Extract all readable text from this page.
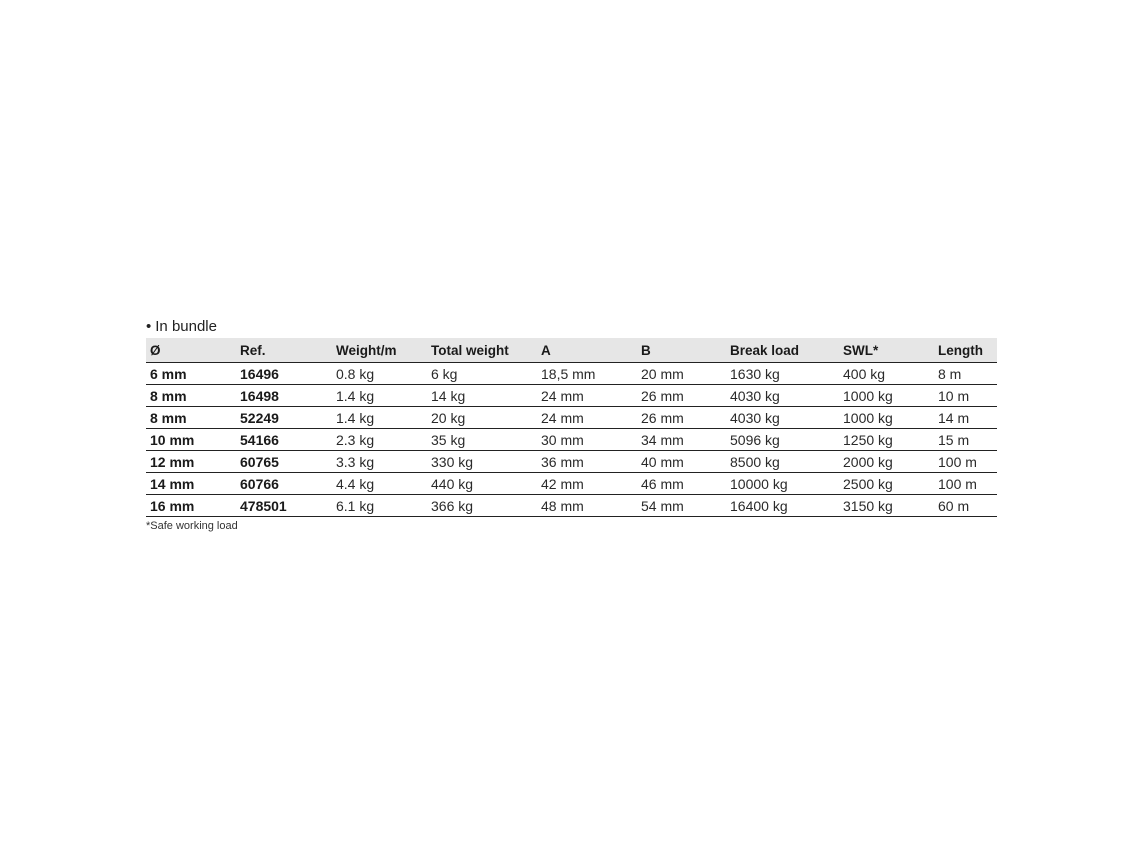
• In bundle
Ø	Ref.	Weight/m	Total weight	A	B	Break load	SWL*	Length
6 mm	16496	0.8 kg	6 kg	18,5 mm	20 mm	1630 kg	400 kg	8 m
8 mm	16498	1.4 kg	14 kg	24 mm	26 mm	4030 kg	1000 kg	10 m
8 mm	52249	1.4 kg	20 kg	24 mm	26 mm	4030 kg	1000 kg	14 m
10 mm	54166	2.3 kg	35 kg	30 mm	34 mm	5096 kg	1250 kg	15 m
12 mm	60765	3.3 kg	330 kg	36 mm	40 mm	8500 kg	2000 kg	100 m
14 mm	60766	4.4 kg	440 kg	42 mm	46 mm	10000 kg	2500 kg	100 m
16 mm	478501	6.1 kg	366 kg	48 mm	54 mm	16400 kg	3150 kg	60 m
*Safe working load
